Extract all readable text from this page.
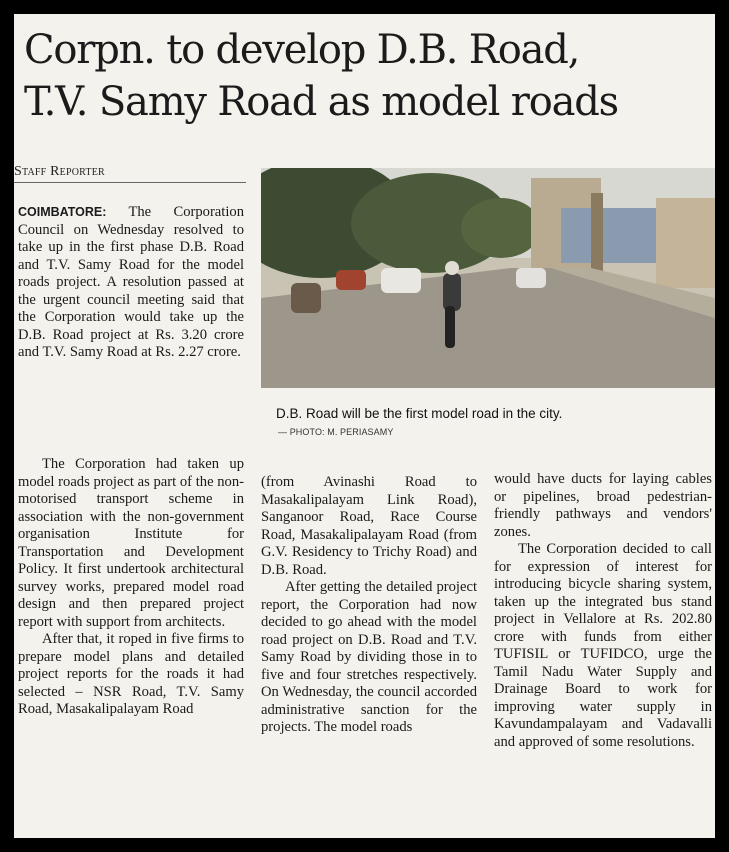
Corpn. to develop D.B. Road,
T.V. Samy Road as model roads
Staff Reporter
D.B. Road will be the first model road in the city.
— PHOTO: M. PERIASAMY

COIMBATORE: The Corporation Council on Wednesday resolved to take up in the first phase D.B. Road and T.V. Samy Road for the model roads project. A resolution passed at the urgent council meeting said that the Corporation would take up the D.B. Road project at Rs. 3.20 crore and T.V. Samy Road at Rs. 2.27 crore.

The Corporation had taken up model roads project as part of the non-motorised transport scheme in association with the non-government organisation Institute for Transportation and Development Policy. It first undertook architectural survey works, prepared model road design and then prepared project report with support from architects.

After that, it roped in five firms to prepare model plans and detailed project reports for the roads it had selected – NSR Road, T.V. Samy Road, Masakalipalayam Road

(from Avinashi Road to Masakalipalayam Link Road), Sanganoor Road, Race Course Road, Masakalipalayam Road (from G.V. Residency to Trichy Road) and D.B. Road.

After getting the detailed project report, the Corporation had now decided to go ahead with the model road project on D.B. Road and T.V. Samy Road by dividing those in to five and four stretches respectively. On Wednesday, the council accorded administrative sanction for the projects. The model roads

would have ducts for laying cables or pipelines, broad pedestrian-friendly pathways and vendors' zones.

The Corporation decided to call for expression of interest for introducing bicycle sharing system, taken up the integrated bus stand project in Vellalore at Rs. 202.80 crore with funds from either TUFISIL or TUFIDCO, urge the Tamil Nadu Water Supply and Drainage Board to work for improving water supply in Kavundampalayam and Vadavalli and approved of some resolutions.
